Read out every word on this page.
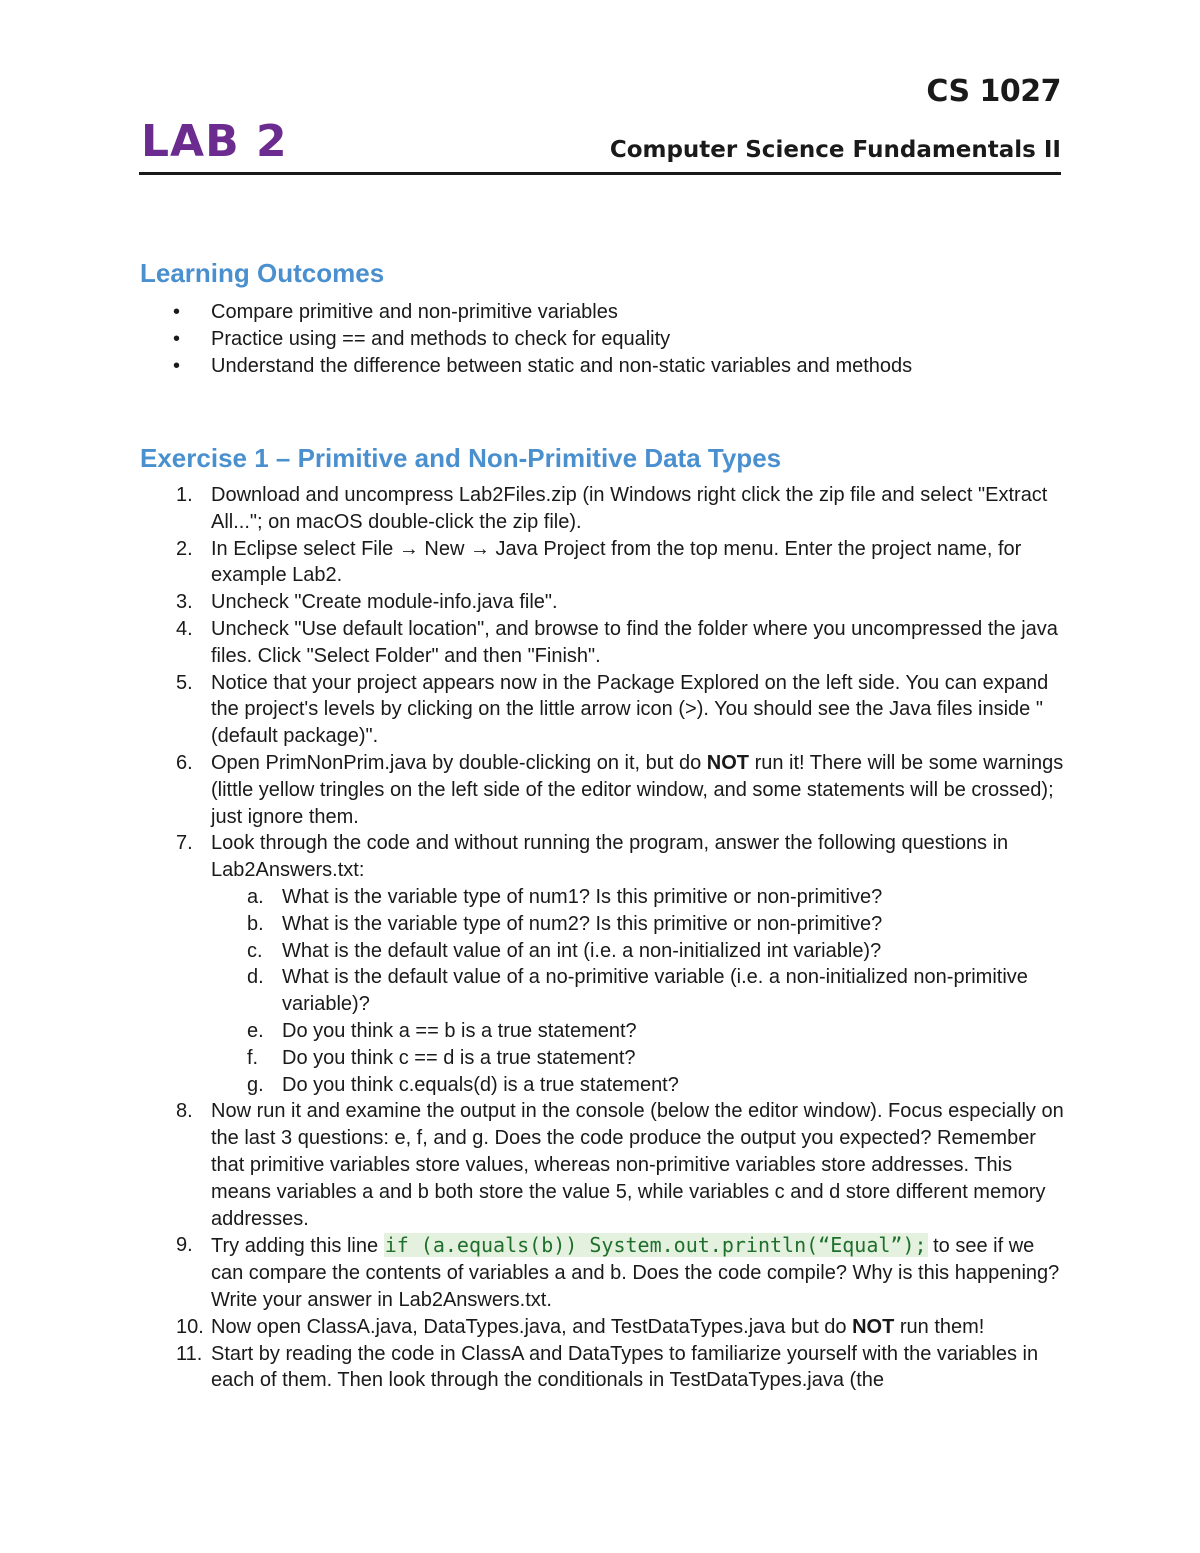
CS 1027
LAB 2	Computer Science Fundamentals II
Learning Outcomes
• Compare primitive and non-primitive variables
• Practice using == and methods to check for equality
• Understand the difference between static and non-static variables and methods
Exercise 1 – Primitive and Non-Primitive Data Types
1. Download and uncompress Lab2Files.zip (in Windows right click the zip file and select "Extract All..."; on macOS double-click the zip file).
2. In Eclipse select File → New → Java Project from the top menu. Enter the project name, for example Lab2.
3. Uncheck "Create module-info.java file".
4. Uncheck "Use default location", and browse to find the folder where you uncompressed the java files. Click "Select Folder" and then "Finish".
5. Notice that your project appears now in the Package Explored on the left side. You can expand the project's levels by clicking on the little arrow icon (>). You should see the Java files inside "(default package)".
6. Open PrimNonPrim.java by double-clicking on it, but do NOT run it! There will be some warnings (little yellow tringles on the left side of the editor window, and some statements will be crossed); just ignore them.
7. Look through the code and without running the program, answer the following questions in Lab2Answers.txt:
a. What is the variable type of num1? Is this primitive or non-primitive?
b. What is the variable type of num2? Is this primitive or non-primitive?
c. What is the default value of an int (i.e. a non-initialized int variable)?
d. What is the default value of a no-primitive variable (i.e. a non-initialized non-primitive variable)?
e. Do you think a == b is a true statement?
f. Do you think c == d is a true statement?
g. Do you think c.equals(d) is a true statement?
8. Now run it and examine the output in the console (below the editor window). Focus especially on the last 3 questions: e, f, and g. Does the code produce the output you expected? Remember that primitive variables store values, whereas non-primitive variables store addresses. This means variables a and b both store the value 5, while variables c and d store different memory addresses.
9. Try adding this line if (a.equals(b)) System.out.println(“Equal”); to see if we can compare the contents of variables a and b. Does the code compile? Why is this happening? Write your answer in Lab2Answers.txt.
10. Now open ClassA.java, DataTypes.java, and TestDataTypes.java but do NOT run them!
11. Start by reading the code in ClassA and DataTypes to familiarize yourself with the variables in each of them. Then look through the conditionals in TestDataTypes.java (the
